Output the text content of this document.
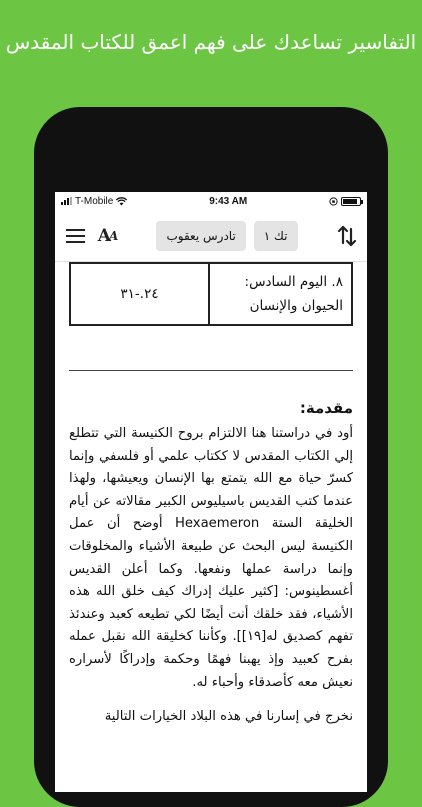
التفاسير تساعدك على فهم اعمق للكتاب المقدس
T-Mobile	9:43 AM
A A	تادرس يعقوب	تك ١
٨. اليوم السادس: الحيوان والإنسان	٢٤.-٣١

مقدمة:

أود في دراستنا هنا الالتزام بروح الكنيسة التي تتطلع إلي الكتاب المقدس لا ككتاب علمي أو فلسفي وإنما كسرّ حياة مع الله يتمتع بها الإنسان ويعيشها، ولهذا عندما كتب القديس باسيليوس الكبير مقالاته عن أيام الخليقة الستة Hexaemeron أوضح أن عمل الكنيسة ليس البحث عن طبيعة الأشياء والمخلوقات وإنما دراسة عملها ونفعها. وكما أعلن القديس أغسطينوس: [كثير عليك إدراك كيف خلق الله هذه الأشياء، فقد خلقك أنت أيضًا لكي تطيعه كعبد وعندئذ تفهم كصديق له[١٩]]. وكأننا كخليقة الله نقبل عمله بفرح كعبيد وإذ يهبنا فهمًا وحكمة وإدراكًا لأسراره نعيش معه كأصدقاء وأحباء له.

نخرج في إسارنا في هذه البلاد الخيارات التالية
